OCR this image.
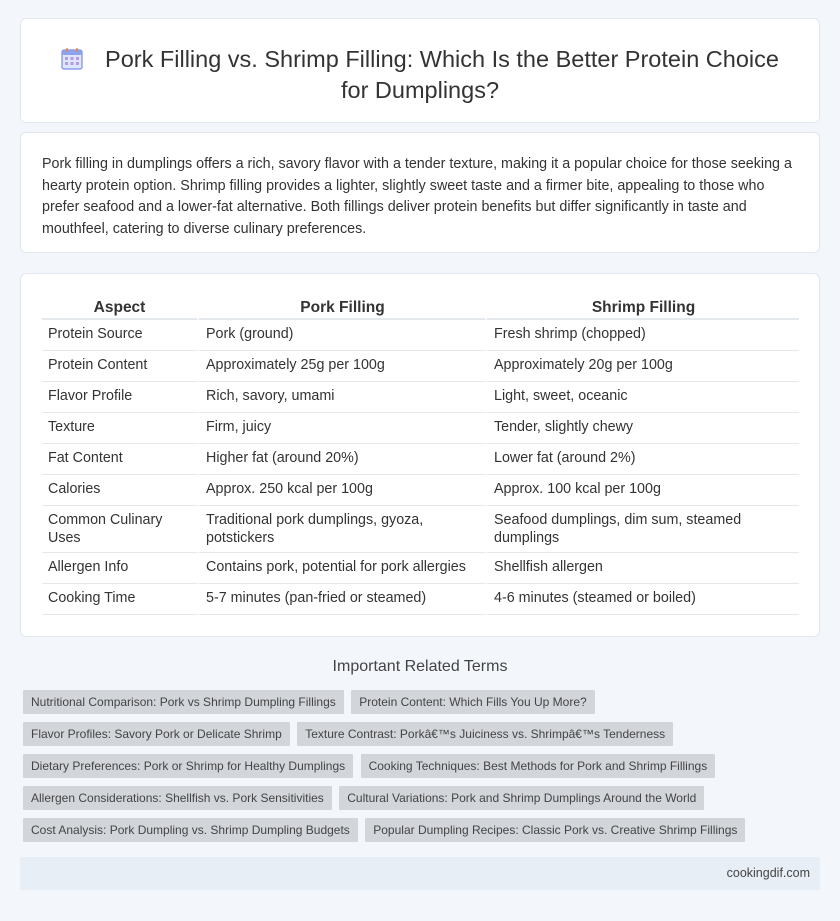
Pork Filling vs. Shrimp Filling: Which Is the Better Protein Choice for Dumplings?

Pork filling in dumplings offers a rich, savory flavor with a tender texture, making it a popular choice for those seeking a hearty protein option. Shrimp filling provides a lighter, slightly sweet taste and a firmer bite, appealing to those who prefer seafood and a lower-fat alternative. Both fillings deliver protein benefits but differ significantly in taste and mouthfeel, catering to diverse culinary preferences.

Aspect	Pork Filling	Shrimp Filling
Protein Source	Pork (ground)	Fresh shrimp (chopped)
Protein Content	Approximately 25g per 100g	Approximately 20g per 100g
Flavor Profile	Rich, savory, umami	Light, sweet, oceanic
Texture	Firm, juicy	Tender, slightly chewy
Fat Content	Higher fat (around 20%)	Lower fat (around 2%)
Calories	Approx. 250 kcal per 100g	Approx. 100 kcal per 100g
Common Culinary Uses	Traditional pork dumplings, gyoza, potstickers	Seafood dumplings, dim sum, steamed dumplings
Allergen Info	Contains pork, potential for pork allergies	Shellfish allergen
Cooking Time	5-7 minutes (pan-fried or steamed)	4-6 minutes (steamed or boiled)
Important Related Terms
Nutritional Comparison: Pork vs Shrimp Dumpling Fillings Protein Content: Which Fills You Up More?
Flavor Profiles: Savory Pork or Delicate Shrimp Texture Contrast: Porkâ€™s Juiciness vs. Shrimpâ€™s Tenderness
Dietary Preferences: Pork or Shrimp for Healthy Dumplings Cooking Techniques: Best Methods for Pork and Shrimp Fillings
Allergen Considerations: Shellfish vs. Pork Sensitivities Cultural Variations: Pork and Shrimp Dumplings Around the World
Cost Analysis: Pork Dumpling vs. Shrimp Dumpling Budgets Popular Dumpling Recipes: Classic Pork vs. Creative Shrimp Fillings
cookingdif.com
